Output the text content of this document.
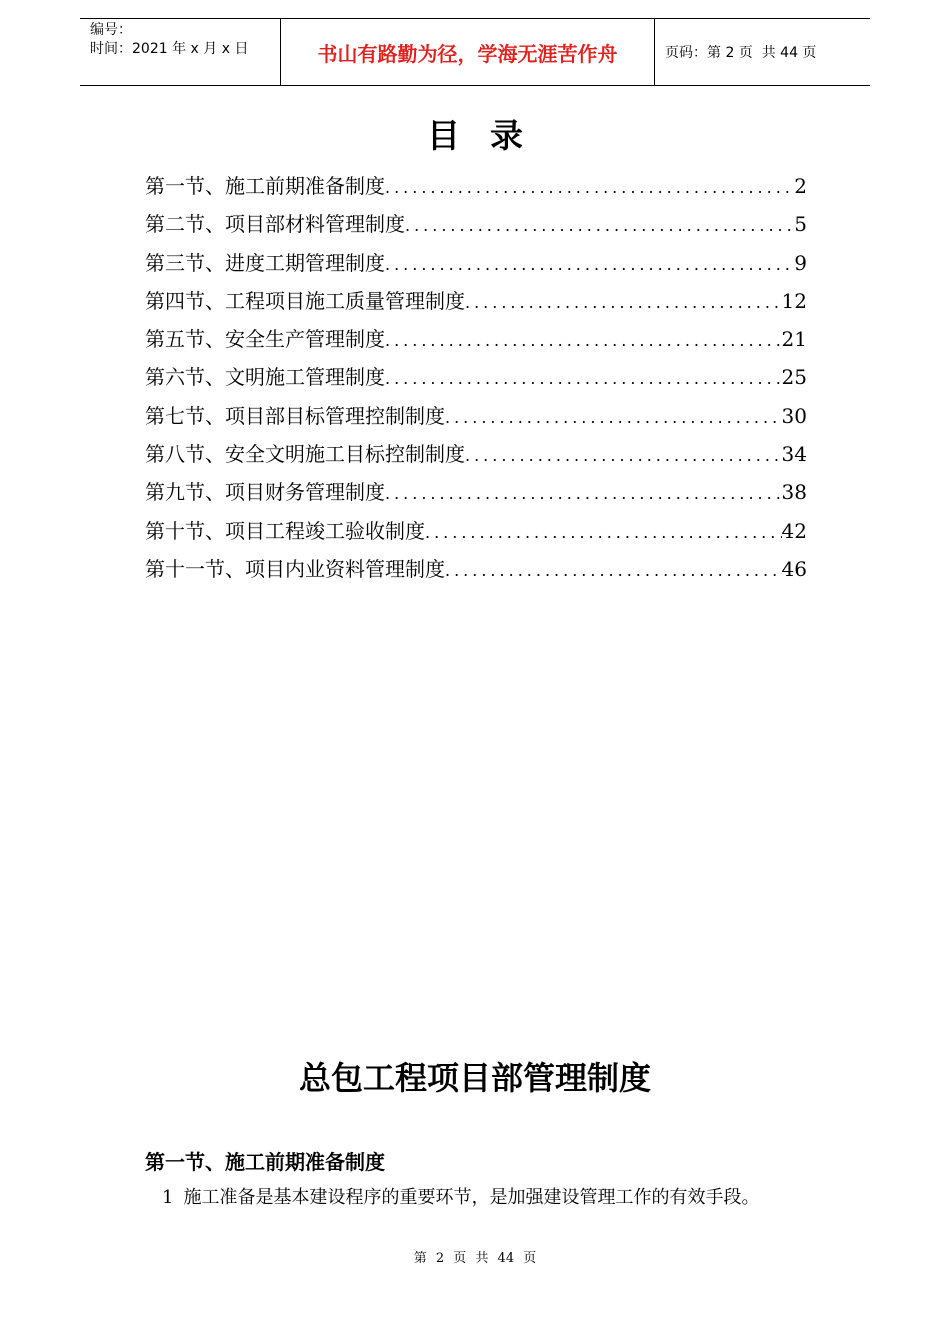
编号：
时间：2021 年 x 月 x 日	书山有路勤为径，学海无涯苦作舟	页码：第 2 页  共 44 页
目录
第一节、施工前期准备制度 .....	2
第二节、项目部材料管理制度 .....	5
第三节、进度工期管理制度 .....	9
第四节、工程项目施工质量管理制度 .....	12
第五节、安全生产管理制度 .....	21
第六节、文明施工管理制度 .....	25
第七节、项目部目标管理控制制度 .....	30
第八节、安全文明施工目标控制制度 .....	34
第九节、项目财务管理制度 .....	38
第十节、项目工程竣工验收制度 .....	42
第十一节、项目内业资料管理制度 .....	46
总包工程项目部管理制度
第一节、施工前期准备制度
1 施工准备是基本建设程序的重要环节，是加强建设管理工作的有效手段。
第 2 页 共 44 页
